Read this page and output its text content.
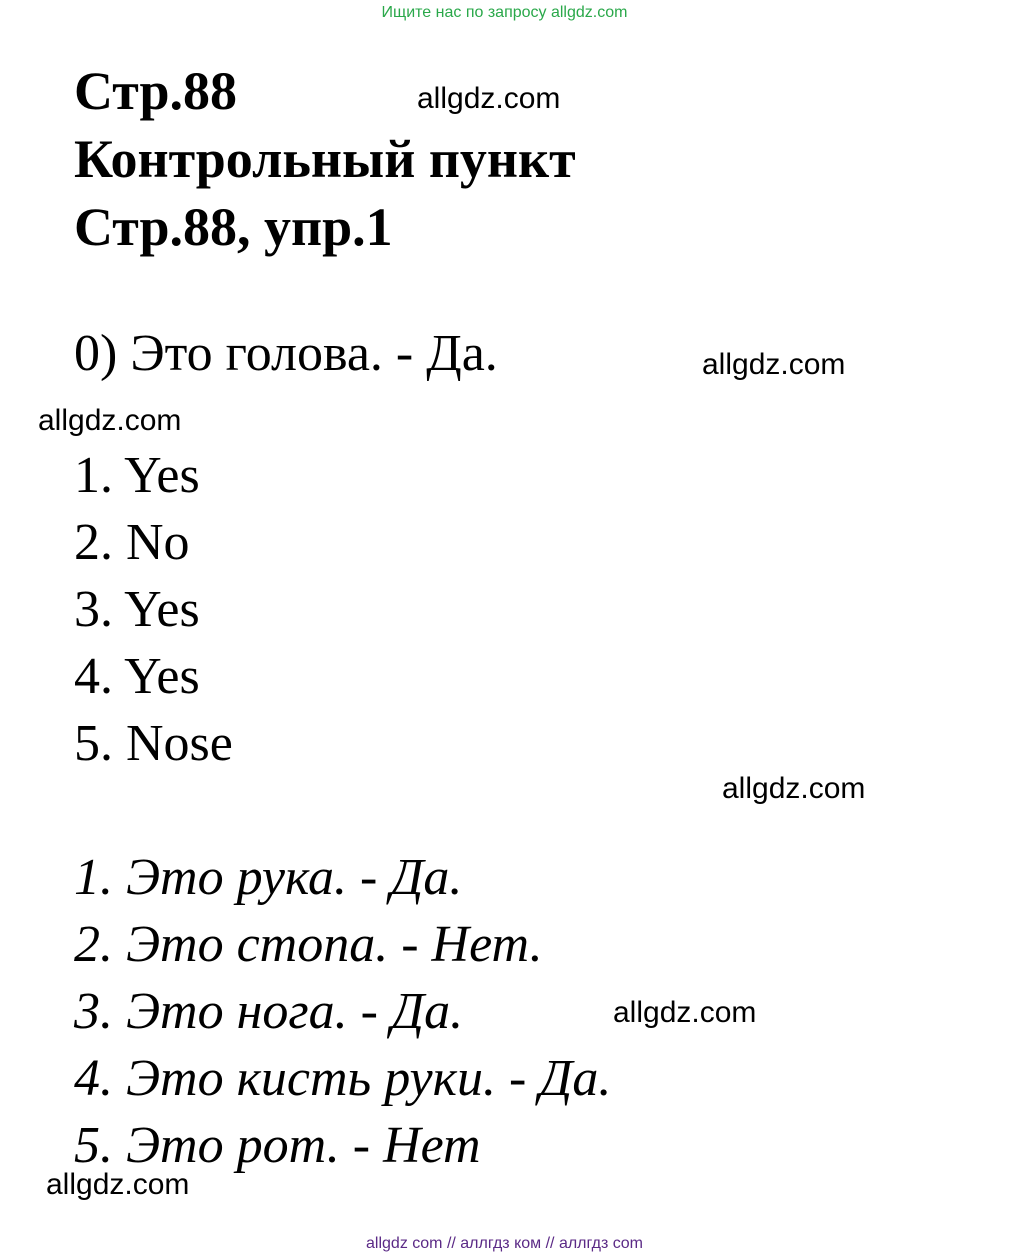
Ищите нас по запросу allgdz.com
Стр.88
Контрольный пункт
Стр.88, упр.1
0) Это голова. - Да.
1. Yes
2. No
3. Yes
4. Yes
5. Nose
1. Это рука. - Да.
2. Это стопа. - Нет.
3. Это нога. - Да.
4. Это кисть руки. - Да.
5. Это рот. - Нет
allgdz.com
allgdz.com
allgdz.com
allgdz.com
allgdz.com
allgdz.com
allgdz com // аллгдз ком // аллгдз com
